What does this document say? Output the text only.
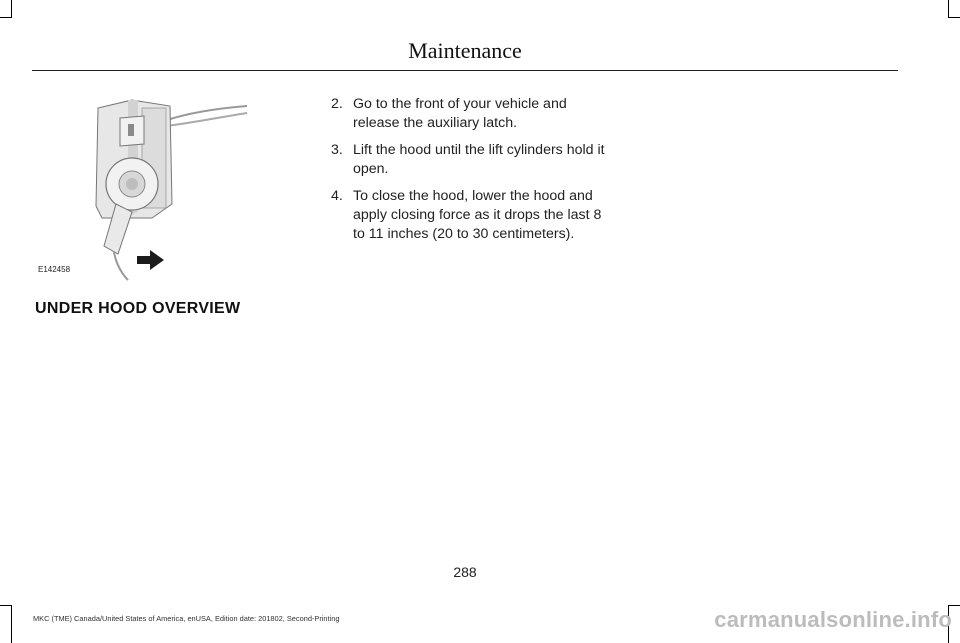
Maintenance
E142458
2. Go to the front of your vehicle and release the auxiliary latch.
3. Lift the hood until the lift cylinders hold it open.
4. To close the hood, lower the hood and apply closing force as it drops the last 8 to 11 inches (20 to 30 centimeters).
UNDER HOOD OVERVIEW
288
MKC (TME) Canada/United States of America, enUSA, Edition date: 201802, Second-Printing	carmanualsonline.info
